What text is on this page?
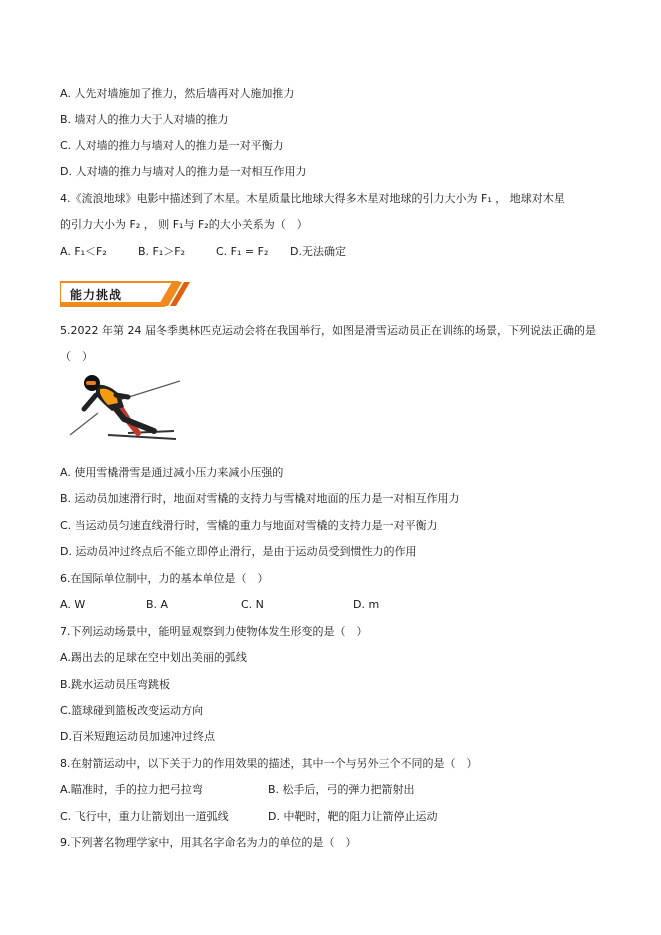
A. 人先对墙施加了推力，然后墙再对人施加推力
B. 墙对人的推力大于人对墙的推力
C. 人对墙的推力与墙对人的推力是一对平衡力
D. 人对墙的推力与墙对人的推力是一对相互作用力
4.《流浪地球》电影中描述到了木星。木星质量比地球大得多木星对地球的引力大小为 F₁ ， 地球对木星
的引力大小为 F₂ ， 则 F₁与 F₂的大小关系为（　）
A. F₁＜F₂	B. F₁＞F₂	C. F₁ = F₂ D.无法确定
能力挑战
5.2022 年第 24 届冬季奥林匹克运动会将在我国举行，如图是滑雪运动员正在训练的场景，下列说法正确的是
（　）
A. 使用雪橇滑雪是通过减小压力来减小压强的
B. 运动员加速滑行时，地面对雪橇的支持力与雪橇对地面的压力是一对相互作用力
C. 当运动员匀速直线滑行时，雪橇的重力与地面对雪橇的支持力是一对平衡力
D. 运动员冲过终点后不能立即停止滑行，是由于运动员受到惯性力的作用
6.在国际单位制中，力的基本单位是（　）
A. W	B. A	C. N	D. m
7.下列运动场景中，能明显观察到力使物体发生形变的是（　）
A.踢出去的足球在空中划出美丽的弧线
B.跳水运动员压弯跳板
C.篮球碰到篮板改变运动方向
D.百米短跑运动员加速冲过终点
8.在射箭运动中，以下关于力的作用效果的描述，其中一个与另外三个不同的是（　）
A.瞄准时，手的拉力把弓拉弯	B. 松手后，弓的弹力把箭射出
C. 飞行中，重力让箭划出一道弧线	D. 中靶时，靶的阻力让箭停止运动
9.下列著名物理学家中，用其名字命名为力的单位的是（　）
